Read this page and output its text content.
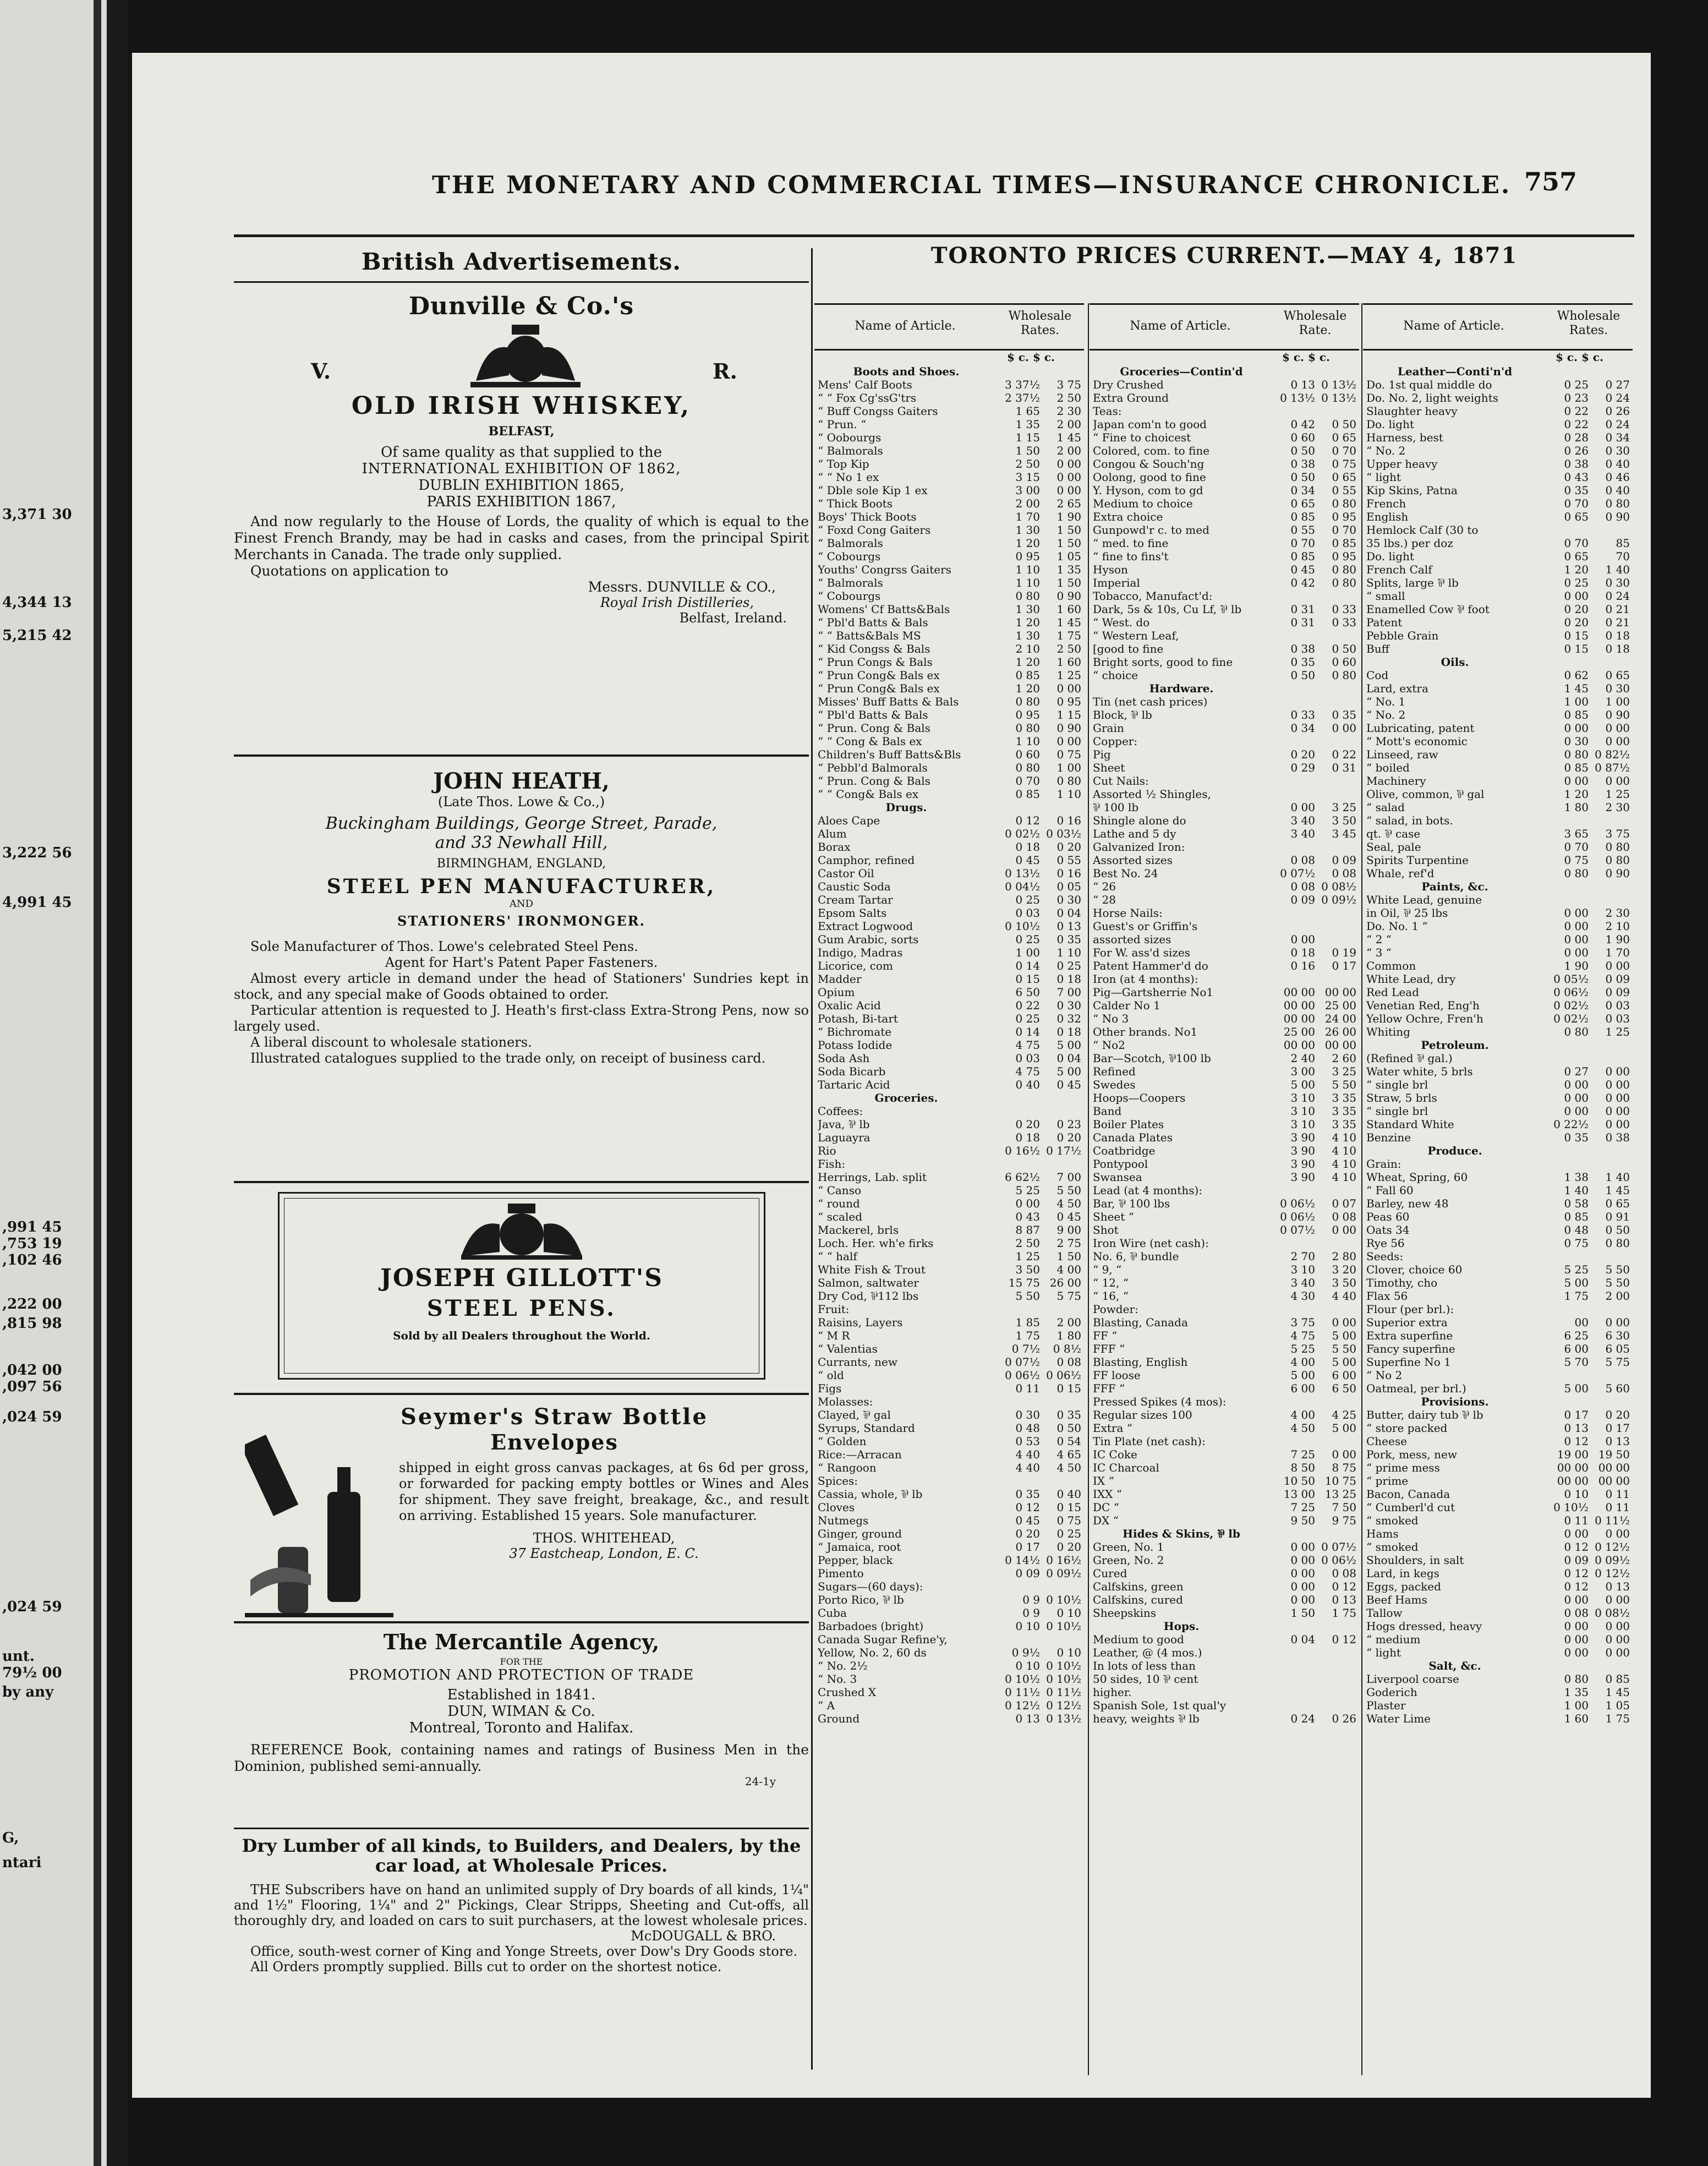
3,371 30
4,344 13
5,215 42
3,222 56
4,991 45
,991 45
,753 19
,102 46
,222 00
,815 98
,042 00
,097 56
,024 59
,024 59
unt.
79½ 00
by any
G,
ntari
THE MONETARY AND COMMERCIAL TIMES—INSURANCE CHRONICLE. 757
British Advertisements.
Dunville & Co.'s
V.	R.
OLD IRISH WHISKEY,
BELFAST,
Of same quality as that supplied to the
INTERNATIONAL EXHIBITION OF 1862,
DUBLIN EXHIBITION 1865,
PARIS EXHIBITION 1867,
And now regularly to the House of Lords, the quality of which is equal to the Finest French Brandy, may be had in casks and cases, from the principal Spirit Merchants in Canada. The trade only supplied.
Quotations on application to
Messrs. DUNVILLE & CO.,
Royal Irish Distilleries,
Belfast, Ireland.
JOHN HEATH,
(Late Thos. Lowe & Co.,)
Buckingham Buildings, George Street, Parade,
and 33 Newhall Hill,
BIRMINGHAM, ENGLAND,
STEEL PEN MANUFACTURER,
AND
STATIONERS' IRONMONGER.
Sole Manufacturer of Thos. Lowe's celebrated Steel Pens.
Agent for Hart's Patent Paper Fasteners.
Almost every article in demand under the head of Stationers' Sundries kept in stock, and any special make of Goods obtained to order.
Particular attention is requested to J. Heath's first-class Extra-Strong Pens, now so largely used.
A liberal discount to wholesale stationers.
Illustrated catalogues supplied to the trade only, on receipt of business card.
JOSEPH GILLOTT'S
STEEL PENS.
Sold by all Dealers throughout the World.
Seymer's Straw Bottle
Envelopes
shipped in eight gross canvas packages, at 6s 6d per gross, or forwarded for packing empty bottles or Wines and Ales for shipment. They save freight, breakage, &c., and result on arriving. Established 15 years. Sole manufacturer.
THOS. WHITEHEAD,
37 Eastcheap, London, E. C.
The Mercantile Agency,
FOR THE
PROMOTION AND PROTECTION OF TRADE
Established in 1841.
DUN, WIMAN & Co.
Montreal, Toronto and Halifax.
REFERENCE Book, containing names and ratings of Business Men in the Dominion, published semi-annually.
24-1y
Dry Lumber of all kinds, to Builders, and Dealers, by the car load, at Wholesale Prices.
THE Subscribers have on hand an unlimited supply of Dry boards of all kinds, 1¼" and 1½" Flooring, 1¼" and 2" Pickings, Clear Stripps, Sheeting and Cut-offs, all thoroughly dry, and loaded on cars to suit purchasers, at the lowest wholesale prices.
McDOUGALL & BRO.
Office, south-west corner of King and Yonge Streets, over Dow's Dry Goods store.
All Orders promptly supplied. Bills cut to order on the shortest notice.
TORONTO PRICES CURRENT.—MAY 4, 1871
Name of Article.
Wholesale Rates.
$ c. $ c.
Boots and Shoes.
Mens' Calf Boots	3 37½	3 75
“ “ Fox Cg'ssG'trs	2 37½	2 50
“ Buff Congss Gaiters	1 65	2 30
“ Prun. “	1 35	2 00
“ Oobourgs	1 15	1 45
“ Balmorals	1 50	2 00
“ Top Kip	2 50	0 00
“ “ No 1 ex	3 15	0 00
“ Dble sole Kip 1 ex	3 00	0 00
“ Thick Boots	2 00	2 65
Boys' Thick Boots	1 70	1 90
“ Foxd Cong Gaiters	1 30	1 50
“ Balmorals	1 20	1 50
“ Cobourgs	0 95	1 05
Youths' Congrss Gaiters	1 10	1 35
“ Balmorals	1 10	1 50
“ Cobourgs	0 80	0 90
Womens' Cf Batts&Bals	1 30	1 60
“ Pbl'd Batts & Bals	1 20	1 45
“ “ Batts&Bals MS	1 30	1 75
“ Kid Congss & Bals	2 10	2 50
“ Prun Congs & Bals	1 20	1 60
“ Prun Cong& Bals ex	0 85	1 25
“ Prun Cong& Bals ex	1 20	0 00
Misses' Buff Batts & Bals	0 80	0 95
“ Pbl'd Batts & Bals	0 95	1 15
“ Prun. Cong & Bals	0 80	0 90
“ “ Cong & Bals ex	1 10	0 00
Children's Buff Batts&Bls	0 60	0 75
“ Pebbl'd Balmorals	0 80	1 00
“ Prun. Cong & Bals	0 70	0 80
“ “ Cong& Bals ex	0 85	1 10
Drugs.
Aloes Cape	0 12	0 16
Alum	0 02½ 0 03½
Borax	0 18	0 20
Camphor, refined	0 45	0 55
Castor Oil	0 13½	0 16
Caustic Soda	0 04½	0 05
Cream Tartar	0 25	0 30
Epsom Salts	0 03	0 04
Extract Logwood	0 10½	0 13
Gum Arabic, sorts	0 25	0 35
Indigo, Madras	1 00	1 10
Licorice, com	0 14	0 25
Madder	0 15	0 18
Opium	6 50	7 00
Oxalic Acid	0 22	0 30
Potash, Bi-tart	0 25	0 32
“ Bichromate	0 14	0 18
Potass Iodide	4 75	5 00
Soda Ash	0 03	0 04
Soda Bicarb	4 75	5 00
Tartaric Acid	0 40	0 45
Groceries.
Coffees:
Java, ⅌ lb	0 20	0 23
Laguayra	0 18	0 20
Rio	0 16½ 0 17½
Fish:
Herrings, Lab. split	6 62½	7 00
“ Canso	5 25	5 50
“ round	0 00	4 50
“ scaled	0 43	0 45
Mackerel, brls	8 87	9 00
Loch. Her. wh'e firks	2 50	2 75
“ “ half	1 25	1 50
White Fish & Trout	3 50	4 00
Salmon, saltwater	15 75 26 00
Dry Cod, ⅌112 lbs	5 50	5 75
Fruit:
Raisins, Layers	1 85	2 00
“ M R	1 75	1 80
“ Valentias	0 7½	0 8½
Currants, new	0 07½	0 08
“ old	0 06½ 0 06½
Figs	0 11	0 15
Molasses:
Clayed, ⅌ gal	0 30	0 35
Syrups, Standard	0 48	0 50
“ Golden	0 53	0 54
Rice:—Arracan	4 40	4 65
“ Rangoon	4 40	4 50
Spices:
Cassia, whole, ⅌ lb	0 35	0 40
Cloves	0 12	0 15
Nutmegs	0 45	0 75
Ginger, ground	0 20	0 25
“ Jamaica, root	0 17	0 20
Pepper, black	0 14½ 0 16½
Pimento	0 09 0 09½
Sugars—(60 days):
Porto Rico, ⅌ lb	0 9 0 10½
Cuba	0 9	0 10
Barbadoes (bright)	0 10 0 10½
Canada Sugar Refine'y,
Yellow, No. 2, 60 ds	0 9½	0 10
“ No. 2½	0 10 0 10½
“ No. 3	0 10½ 0 10½
Crushed X	0 11½ 0 11½
“ A	0 12½ 0 12½
Ground	0 13 0 13½
Name of Article.
Wholesale Rate.
$ c. $ c.
Groceries—Contin'd
Dry Crushed	0 13 0 13½
Extra Ground	0 13½ 0 13½
Teas:
Japan com'n to good	0 42	0 50
“ Fine to choicest	0 60	0 65
Colored, com. to fine	0 50	0 70
Congou & Souch'ng	0 38	0 75
Oolong, good to fine	0 50	0 65
Y. Hyson, com to gd	0 34	0 55
Medium to choice	0 65	0 80
Extra choice	0 85	0 95
Gunpowd'r c. to med	0 55	0 70
“ med. to fine	0 70	0 85
“ fine to fins't	0 85	0 95
Hyson	0 45	0 80
Imperial	0 42	0 80
Tobacco, Manufact'd:
Dark, 5s & 10s, Cu Lf, ⅌ lb	0 31	0 33
“ West. do	0 31	0 33
“ Western Leaf,
[good to fine	0 38	0 50
Bright sorts, good to fine	0 35	0 60
“ choice	0 50	0 80
Hardware.
Tin (net cash prices)
Block, ⅌ lb	0 33	0 35
Grain	0 34	0 00
Copper:
Pig	0 20	0 22
Sheet	0 29	0 31
Cut Nails:
Assorted ½ Shingles,
⅌ 100 lb	0 00	3 25
Shingle alone do	3 40	3 50
Lathe and 5 dy	3 40	3 45
Galvanized Iron:
Assorted sizes	0 08	0 09
Best No. 24	0 07½	0 08
“ 26	0 08 0 08½
“ 28	0 09 0 09½
Horse Nails:
Guest's or Griffin's
assorted sizes	0 00
For W. ass'd sizes	0 18	0 19
Patent Hammer'd do	0 16	0 17
Iron (at 4 months):
Pig—Gartsherrie No1	00 00 00 00
Calder No 1	00 00 25 00
“ No 3	00 00 24 00
Other brands. No1	25 00 26 00
“ No2	00 00 00 00
Bar—Scotch, ⅌100 lb	2 40	2 60
Refined	3 00	3 25
Swedes	5 00	5 50
Hoops—Coopers	3 10	3 35
Band	3 10	3 35
Boiler Plates	3 10	3 35
Canada Plates	3 90	4 10
Coatbridge	3 90	4 10
Pontypool	3 90	4 10
Swansea	3 90	4 10
Lead (at 4 months):
Bar, ⅌ 100 lbs	0 06½	0 07
Sheet “	0 06½	0 08
Shot	0 07½	0 00
Iron Wire (net cash):
No. 6, ⅌ bundle	2 70	2 80
“ 9, “	3 10	3 20
“ 12, “	3 40	3 50
“ 16, “	4 30	4 40
Powder:
Blasting, Canada	3 75	0 00
FF “	4 75	5 00
FFF “	5 25	5 50
Blasting, English	4 00	5 00
FF loose	5 00	6 00
FFF “	6 00	6 50
Pressed Spikes (4 mos):
Regular sizes 100	4 00	4 25
Extra “	4 50	5 00
Tin Plate (net cash):
IC Coke	7 25	0 00
IC Charcoal	8 50	8 75
IX “	10 50 10 75
IXX “	13 00 13 25
DC “	7 25	7 50
DX “	9 50	9 75
Hides & Skins, ⅌ lb
Green, No. 1	0 00 0 07½
Green, No. 2	0 00 0 06½
Cured	0 00	0 08
Calfskins, green	0 00	0 12
Calfskins, cured	0 00	0 13
Sheepskins	1 50	1 75
Hops.
Medium to good	0 04	0 12
Leather, @ (4 mos.)
In lots of less than
50 sides, 10 ⅌ cent
higher.
Spanish Sole, 1st qual'y
heavy, weights ⅌ lb	0 24	0 26
Name of Article.
Wholesale Rates.
$ c. $ c.
Leather—Conti'n'd
Do. 1st qual middle do	0 25	0 27
Do. No. 2, light weights	0 23	0 24
Slaughter heavy	0 22	0 26
Do. light	0 22	0 24
Harness, best	0 28	0 34
“ No. 2	0 26	0 30
Upper heavy	0 38	0 40
“ light	0 43	0 46
Kip Skins, Patna	0 35	0 40
French	0 70	0 80
English	0 65	0 90
Hemlock Calf (30 to
35 lbs.) per doz	0 70	85
Do. light	0 65	70
French Calf	1 20	1 40
Splits, large ⅌ lb	0 25	0 30
“ small	0 00	0 24
Enamelled Cow ⅌ foot	0 20	0 21
Patent	0 20	0 21
Pebble Grain	0 15	0 18
Buff	0 15	0 18
Oils.
Cod	0 62	0 65
Lard, extra	1 45	0 30
“ No. 1	1 00	1 00
“ No. 2	0 85	0 90
Lubricating, patent	0 00	0 00
“ Mott's economic	0 30	0 00
Linseed, raw	0 80 0 82½
“ boiled	0 85 0 87½
Machinery	0 00	0 00
Olive, common, ⅌ gal	1 20	1 25
“ salad	1 80	2 30
“ salad, in bots.
qt. ⅌ case	3 65	3 75
Seal, pale	0 70	0 80
Spirits Turpentine	0 75	0 80
Whale, ref'd	0 80	0 90
Paints, &c.
White Lead, genuine
in Oil, ⅌ 25 lbs	0 00	2 30
Do. No. 1 “	0 00	2 10
“ 2 “	0 00	1 90
“ 3 “	0 00	1 70
Common	1 90	0 00
White Lead, dry	0 05½	0 09
Red Lead	0 06½	0 09
Venetian Red, Eng'h	0 02½	0 03
Yellow Ochre, Fren'h	0 02½	0 03
Whiting	0 80	1 25
Petroleum.
(Refined ⅌ gal.)
Water white, 5 brls	0 27	0 00
“ single brl	0 00	0 00
Straw, 5 brls	0 00	0 00
“ single brl	0 00	0 00
Standard White	0 22½	0 00
Benzine	0 35	0 38
Produce.
Grain:
Wheat, Spring, 60	1 38	1 40
“ Fall 60	1 40	1 45
Barley, new 48	0 58	0 65
Peas 60	0 85	0 91
Oats 34	0 48	0 50
Rye 56	0 75	0 80
Seeds:
Clover, choice 60	5 25	5 50
Timothy, cho	5 00	5 50
Flax 56	1 75	2 00
Flour (per brl.):
Superior extra	00	0 00
Extra superfine	6 25	6 30
Fancy superfine	6 00	6 05
Superfine No 1	5 70	5 75
“ No 2
Oatmeal, per brl.)	5 00	5 60
Provisions.
Butter, dairy tub ⅌ lb	0 17	0 20
“ store packed	0 13	0 17
Cheese	0 12	0 13
Pork, mess, new	19 00 19 50
“ prime mess	00 00 00 00
“ prime	00 00 00 00
Bacon, Canada	0 10	0 11
“ Cumberl'd cut	0 10½	0 11
“ smoked	0 11 0 11½
Hams	0 00	0 00
“ smoked	0 12 0 12½
Shoulders, in salt	0 09 0 09½
Lard, in kegs	0 12 0 12½
Eggs, packed	0 12	0 13
Beef Hams	0 00	0 00
Tallow	0 08 0 08½
Hogs dressed, heavy	0 00	0 00
“ medium	0 00	0 00
“ light	0 00	0 00
Salt, &c.
Liverpool coarse	0 80	0 85
Goderich	1 35	1 45
Plaster	1 00	1 05
Water Lime	1 60	1 75
